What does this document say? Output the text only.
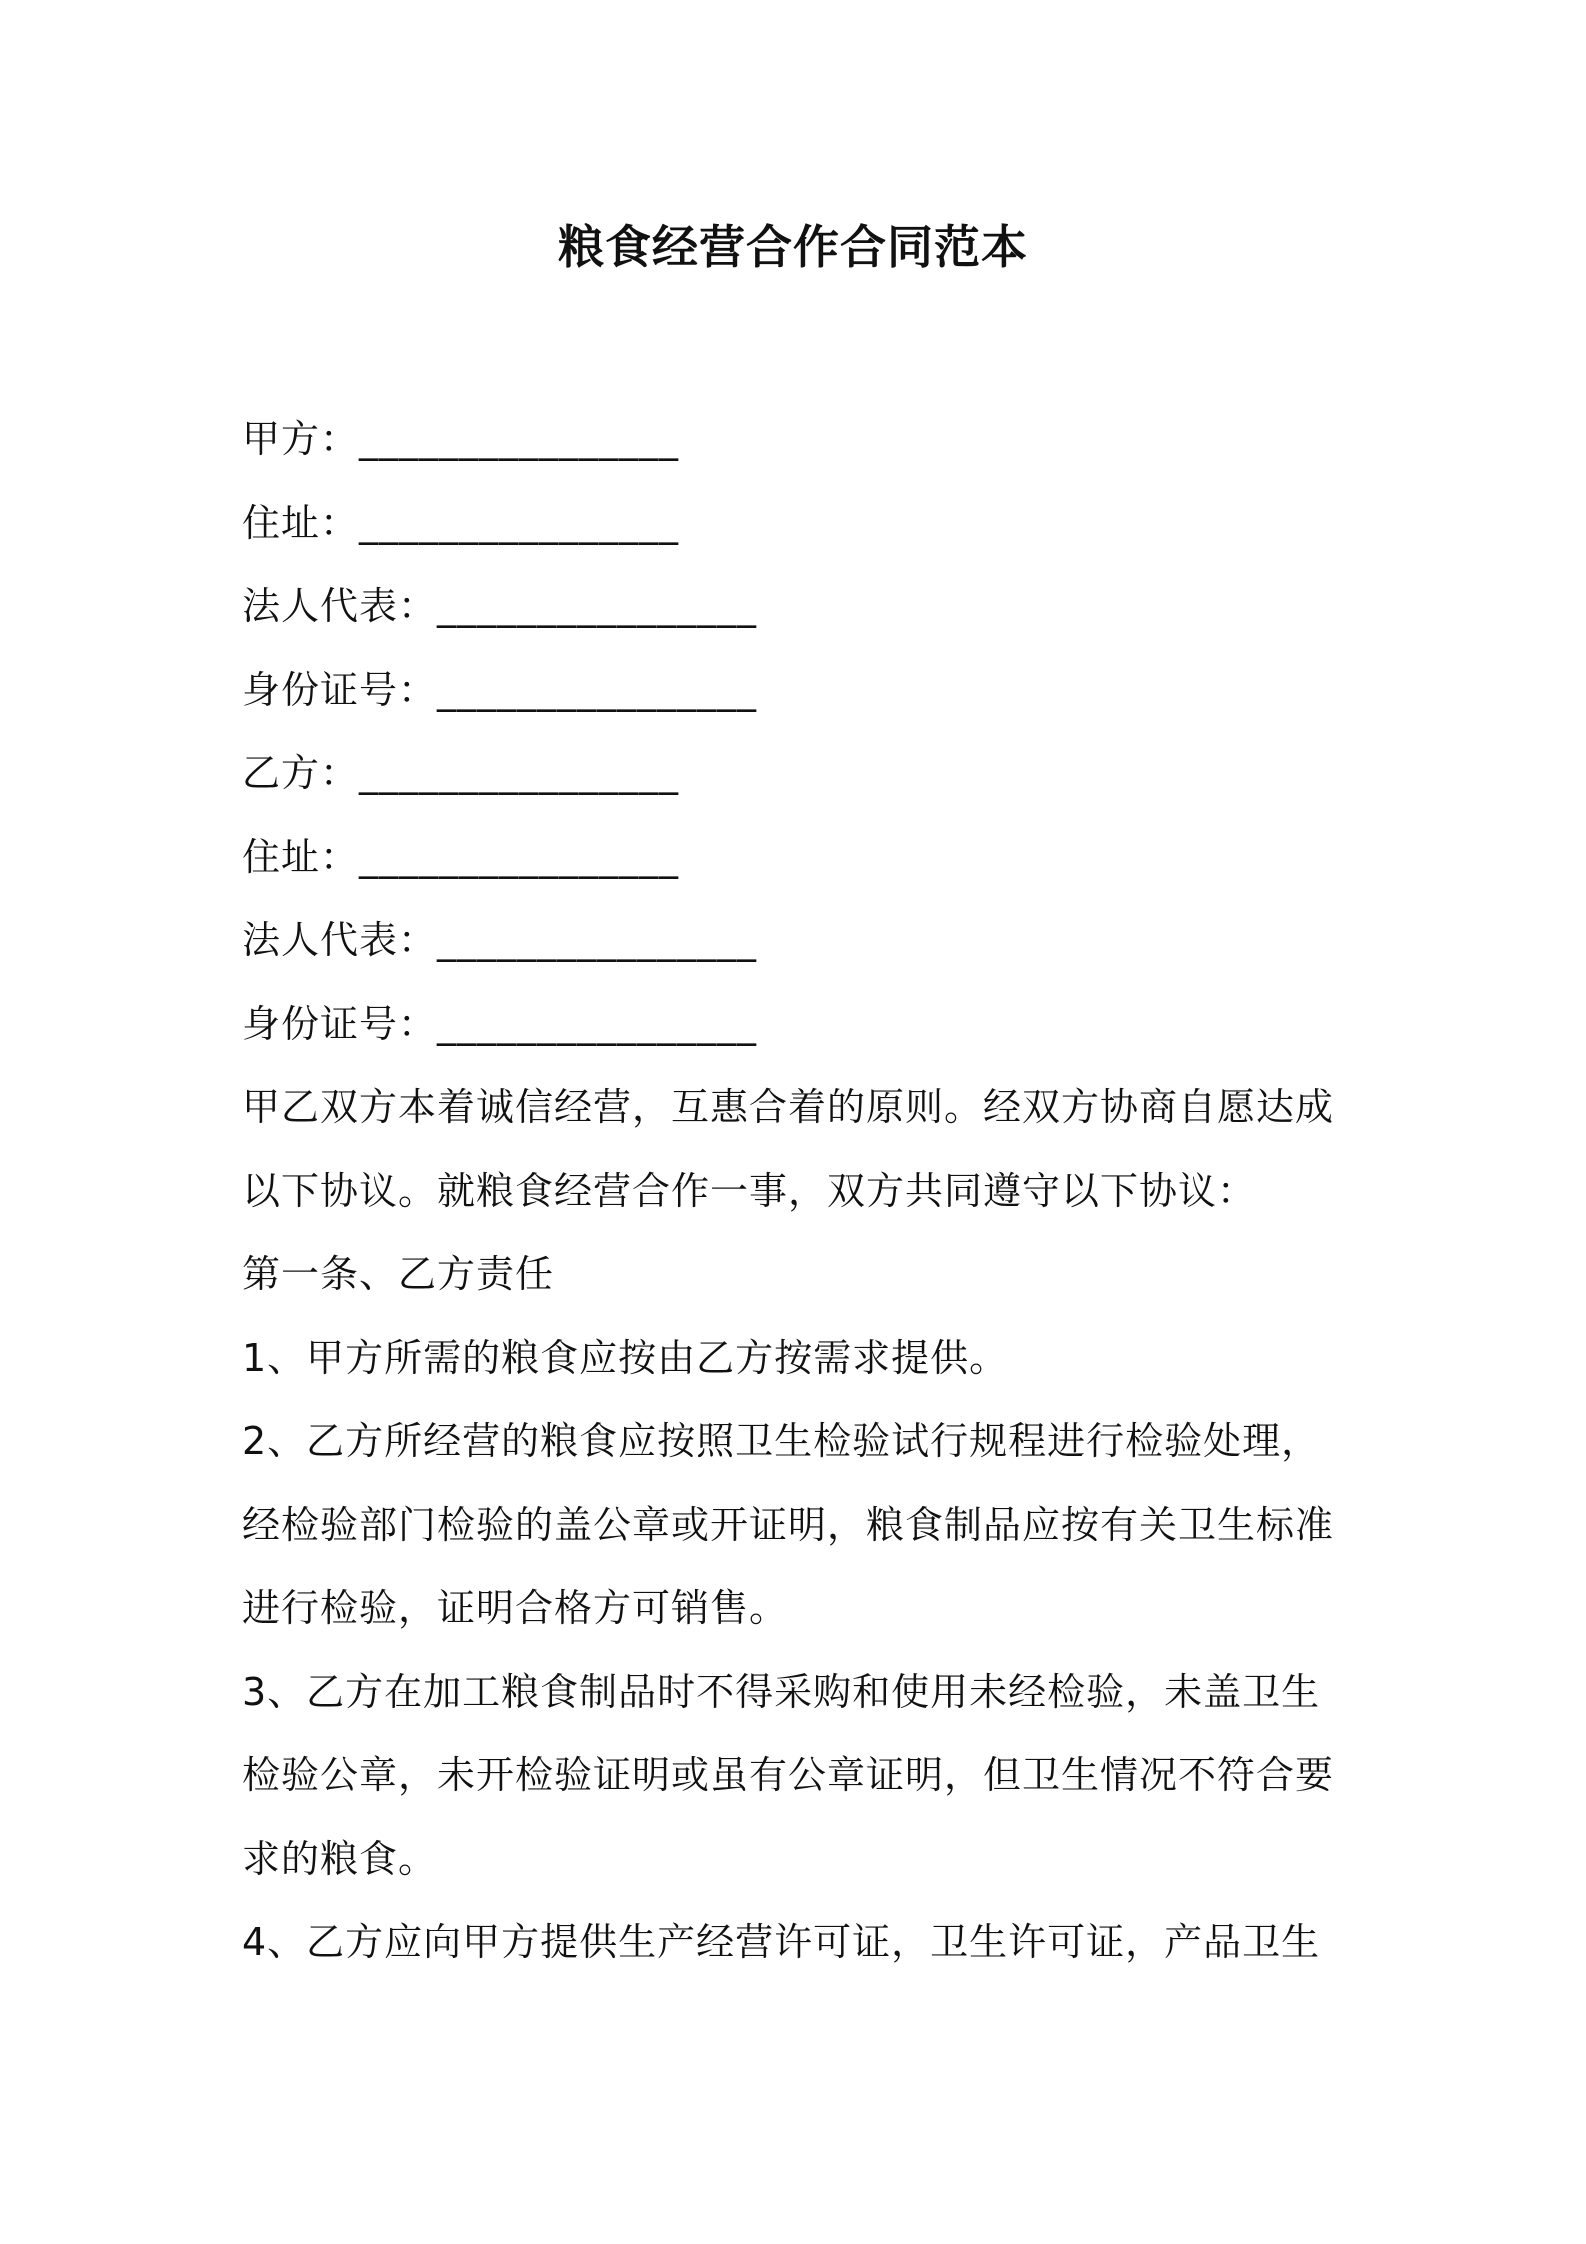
粮食经营合作合同范本
甲方：________________
住址：________________
法人代表：________________
身份证号：________________
乙方：________________
住址：________________
法人代表：________________
身份证号：________________
甲乙双方本着诚信经营，互惠合着的原则。经双方协商自愿达成
以下协议。就粮食经营合作一事，双方共同遵守以下协议：
第一条、乙方责任
1、甲方所需的粮食应按由乙方按需求提供。
2、乙方所经营的粮食应按照卫生检验试行规程进行检验处理，
经检验部门检验的盖公章或开证明，粮食制品应按有关卫生标准
进行检验，证明合格方可销售。
3、乙方在加工粮食制品时不得采购和使用未经检验，未盖卫生
检验公章，未开检验证明或虽有公章证明，但卫生情况不符合要
求的粮食。
4、乙方应向甲方提供生产经营许可证，卫生许可证，产品卫生
